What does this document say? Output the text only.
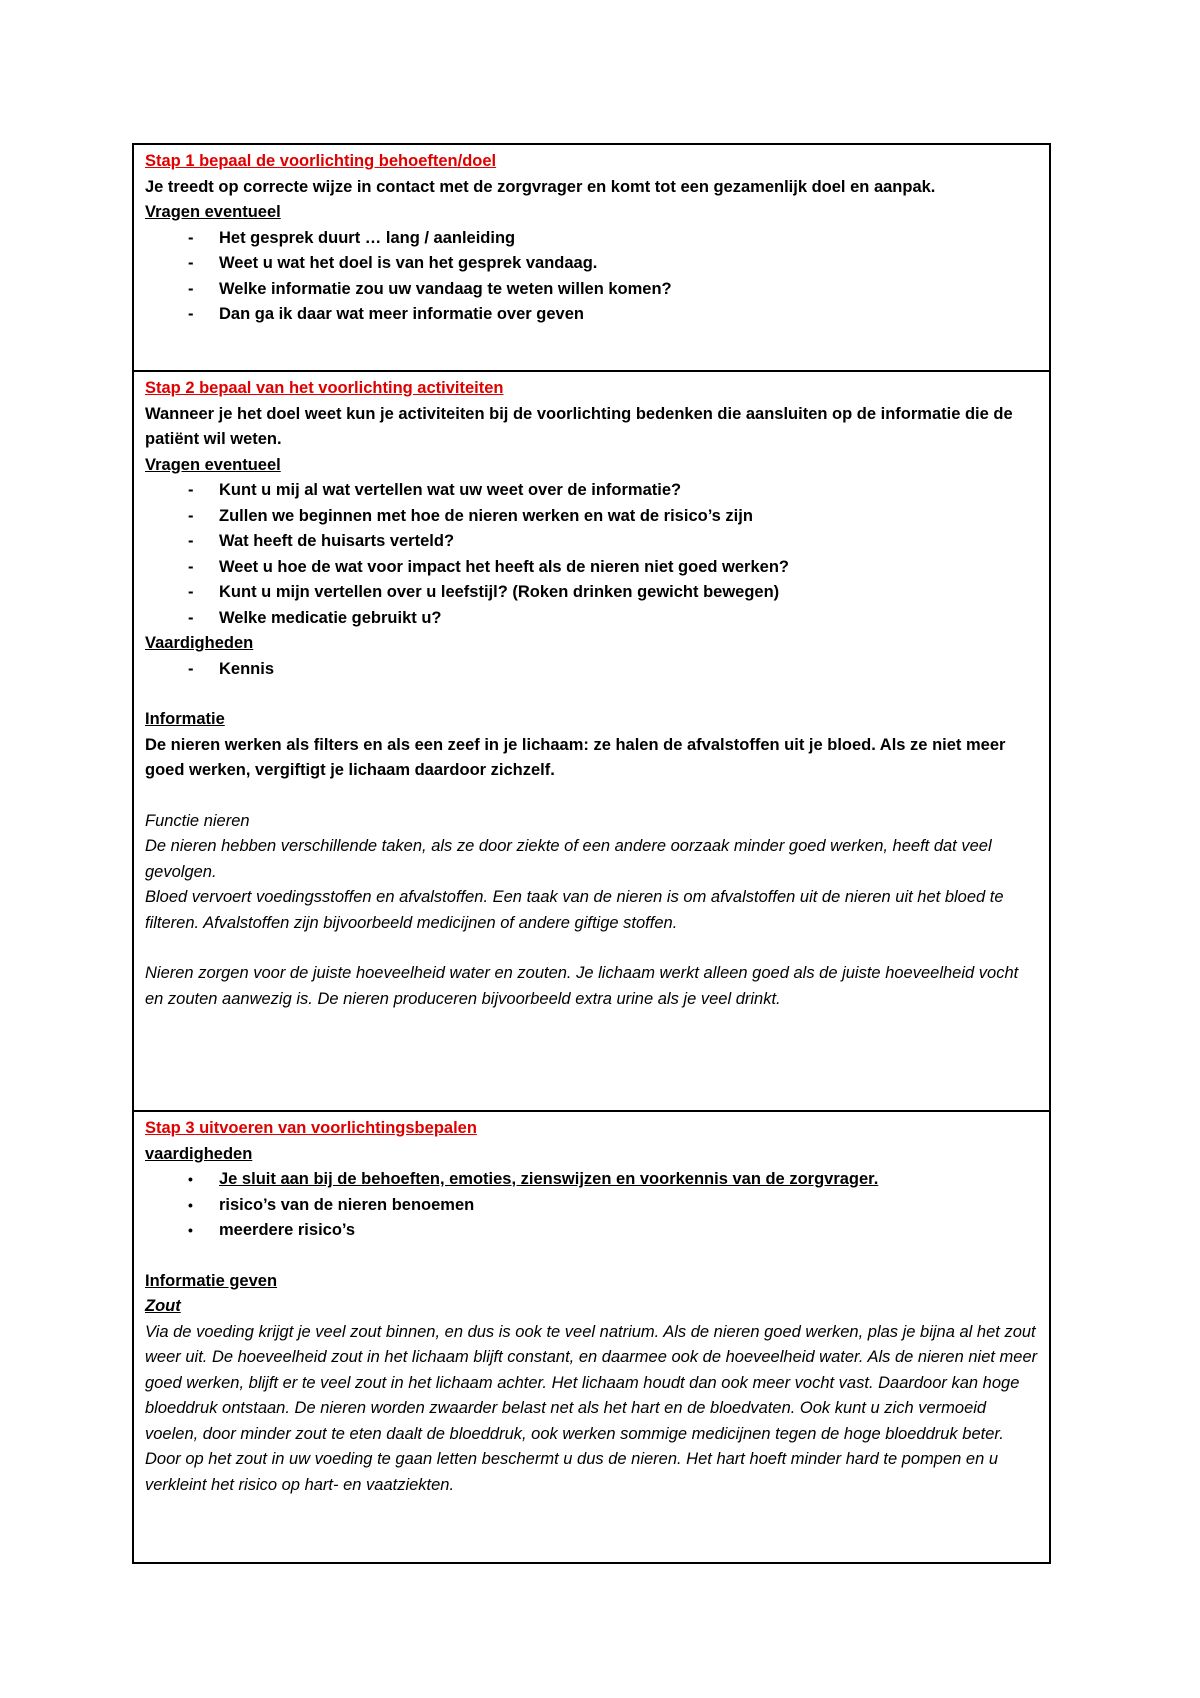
Stap 1 bepaal de voorlichting behoeften/doel

Je treedt op correcte wijze in contact met de zorgvrager en komt tot een gezamenlijk doel en aanpak.

Vragen eventueel

- Het gesprek duurt … lang / aanleiding
- Weet u wat het doel is van het gesprek vandaag.
- Welke informatie zou uw vandaag te weten willen komen?
- Dan ga ik daar wat meer informatie over geven
Stap 2 bepaal van het voorlichting activiteiten

Wanneer je het doel weet kun je activiteiten bij de voorlichting bedenken die aansluiten op de informatie die de patiënt wil weten.

Vragen eventueel

- Kunt u mij al wat vertellen wat uw weet over de informatie?
- Zullen we beginnen met hoe de nieren werken en wat de risico’s zijn
- Wat heeft de huisarts verteld?
- Weet u hoe de wat voor impact het heeft als de nieren niet goed werken?
- Kunt u mijn vertellen over u leefstijl? (Roken drinken gewicht bewegen)
- Welke medicatie gebruikt u?

Vaardigheden

- Kennis

Informatie

De nieren werken als filters en als een zeef in je lichaam: ze halen de afvalstoffen uit je bloed. Als ze niet meer goed werken, vergiftigt je lichaam daardoor zichzelf.

Functie nieren

De nieren hebben verschillende taken, als ze door ziekte of een andere oorzaak minder goed werken, heeft dat veel gevolgen.

Bloed vervoert voedingsstoffen en afvalstoffen. Een taak van de nieren is om afvalstoffen uit de nieren uit het bloed te filteren. Afvalstoffen zijn bijvoorbeeld medicijnen of andere giftige stoffen.

Nieren zorgen voor de juiste hoeveelheid water en zouten. Je lichaam werkt alleen goed als de juiste hoeveelheid vocht en zouten aanwezig is. De nieren produceren bijvoorbeeld extra urine als je veel drinkt.

Stap 3 uitvoeren van voorlichtingsbepalen

vaardigheden

• Je sluit aan bij de behoeften, emoties, zienswijzen en voorkennis van de zorgvrager.
• risico’s van de nieren benoemen
• meerdere risico’s

Informatie geven

Zout

Via de voeding krijgt je veel zout binnen, en dus is ook te veel natrium. Als de nieren goed werken, plas je bijna al het zout weer uit. De hoeveelheid zout in het lichaam blijft constant, en daarmee ook de hoeveelheid water. Als de nieren niet meer goed werken, blijft er te veel zout in het lichaam achter. Het lichaam houdt dan ook meer vocht vast. Daardoor kan hoge bloeddruk ontstaan. De nieren worden zwaarder belast net als het hart en de bloedvaten. Ook kunt u zich vermoeid voelen, door minder zout te eten daalt de bloeddruk, ook werken sommige medicijnen tegen de hoge bloeddruk beter. Door op het zout in uw voeding te gaan letten beschermt u dus de nieren. Het hart hoeft minder hard te pompen en u verkleint het risico op hart- en vaatziekten.
